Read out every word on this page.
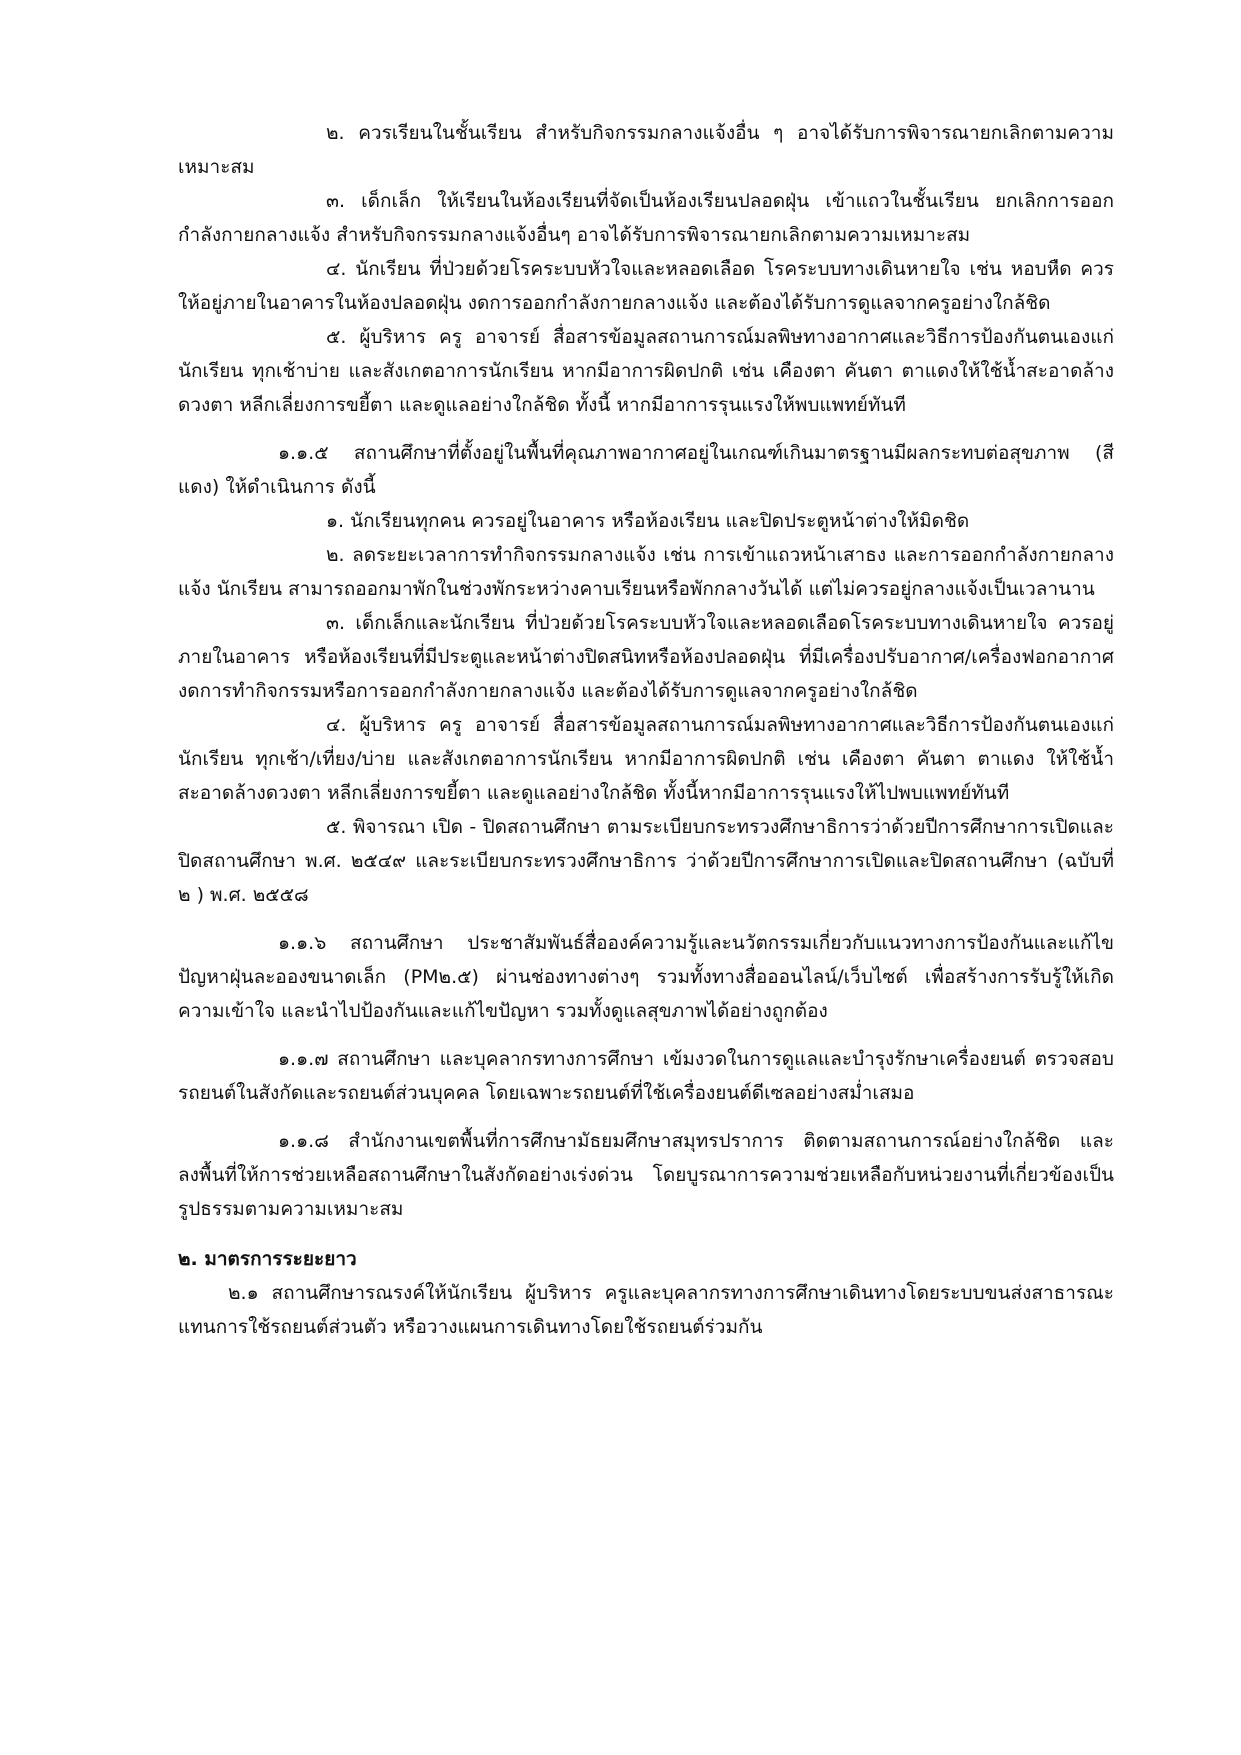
๒. ควรเรียนในชั้นเรียน สำหรับกิจกรรมกลางแจ้งอื่น ๆ อาจได้รับการพิจารณายกเลิกตามความเหมาะสม

๓. เด็กเล็ก ให้เรียนในห้องเรียนที่จัดเป็นห้องเรียนปลอดฝุ่น เข้าแถวในชั้นเรียน ยกเลิกการออกกำลังกายกลางแจ้ง สำหรับกิจกรรมกลางแจ้งอื่นๆ อาจได้รับการพิจารณายกเลิกตามความเหมาะสม

๔. นักเรียน ที่ป่วยด้วยโรคระบบหัวใจและหลอดเลือด โรคระบบทางเดินหายใจ เช่น หอบหืด ควรให้อยู่ภายในอาคารในห้องปลอดฝุ่น งดการออกกำลังกายกลางแจ้ง และต้องได้รับการดูแลจากครูอย่างใกล้ชิด

๕. ผู้บริหาร ครู อาจารย์ สื่อสารข้อมูลสถานการณ์มลพิษทางอากาศและวิธีการป้องกันตนเองแก่นักเรียน ทุกเช้าบ่าย และสังเกตอาการนักเรียน หากมีอาการผิดปกติ เช่น เคืองตา คันตา ตาแดงให้ใช้น้ำสะอาดล้างดวงตา หลีกเลี่ยงการขยี้ตา และดูแลอย่างใกล้ชิด ทั้งนี้ หากมีอาการรุนแรงให้พบแพทย์ทันที

๑.๑.๕ สถานศึกษาที่ตั้งอยู่ในพื้นที่คุณภาพอากาศอยู่ในเกณฑ์เกินมาตรฐานมีผลกระทบต่อสุขภาพ (สีแดง) ให้ดำเนินการ ดังนี้

๑. นักเรียนทุกคน ควรอยู่ในอาคาร หรือห้องเรียน และปิดประตูหน้าต่างให้มิดชิด

๒. ลดระยะเวลาการทำกิจกรรมกลางแจ้ง เช่น การเข้าแถวหน้าเสาธง และการออกกำลังกายกลางแจ้ง นักเรียน สามารถออกมาพักในช่วงพักระหว่างคาบเรียนหรือพักกลางวันได้ แต่ไม่ควรอยู่กลางแจ้งเป็นเวลานาน

๓. เด็กเล็กและนักเรียน ที่ป่วยด้วยโรคระบบหัวใจและหลอดเลือดโรคระบบทางเดินหายใจ ควรอยู่ภายในอาคาร หรือห้องเรียนที่มีประตูและหน้าต่างปิดสนิทหรือห้องปลอดฝุ่น ที่มีเครื่องปรับอากาศ/เครื่องฟอกอากาศ งดการทำกิจกรรมหรือการออกกำลังกายกลางแจ้ง และต้องได้รับการดูแลจากครูอย่างใกล้ชิด

๔. ผู้บริหาร ครู อาจารย์ สื่อสารข้อมูลสถานการณ์มลพิษทางอากาศและวิธีการป้องกันตนเองแก่นักเรียน ทุกเช้า/เที่ยง/บ่าย และสังเกตอาการนักเรียน หากมีอาการผิดปกติ เช่น เคืองตา คันตา ตาแดง ให้ใช้น้ำสะอาดล้างดวงตา หลีกเลี่ยงการขยี้ตา และดูแลอย่างใกล้ชิด ทั้งนี้หากมีอาการรุนแรงให้ไปพบแพทย์ทันที

๕. พิจารณา เปิด - ปิดสถานศึกษา ตามระเบียบกระทรวงศึกษาธิการว่าด้วยปีการศึกษาการเปิดและปิดสถานศึกษา พ.ศ. ๒๕๔๙ และระเบียบกระทรวงศึกษาธิการ ว่าด้วยปีการศึกษาการเปิดและปิดสถานศึกษา (ฉบับที่ ๒ ) พ.ศ. ๒๕๕๘

๑.๑.๖ สถานศึกษา ประชาสัมพันธ์สื่อองค์ความรู้และนวัตกรรมเกี่ยวกับแนวทางการป้องกันและแก้ไขปัญหาฝุ่นละอองขนาดเล็ก (PM๒.๕) ผ่านช่องทางต่างๆ รวมทั้งทางสื่อออนไลน์/เว็บไซต์ เพื่อสร้างการรับรู้ให้เกิดความเข้าใจ และนำไปป้องกันและแก้ไขปัญหา รวมทั้งดูแลสุขภาพได้อย่างถูกต้อง

๑.๑.๗ สถานศึกษา และบุคลากรทางการศึกษา เข้มงวดในการดูแลและบำรุงรักษาเครื่องยนต์ ตรวจสอบ รถยนต์ในสังกัดและรถยนต์ส่วนบุคคล โดยเฉพาะรถยนต์ที่ใช้เครื่องยนต์ดีเซลอย่างสม่ำเสมอ

๑.๑.๘ สำนักงานเขตพื้นที่การศึกษามัธยมศึกษาสมุทรปราการ ติดตามสถานการณ์อย่างใกล้ชิด และลงพื้นที่ให้การช่วยเหลือสถานศึกษาในสังกัดอย่างเร่งด่วน โดยบูรณาการความช่วยเหลือกับหน่วยงานที่เกี่ยวข้องเป็นรูปธรรมตามความเหมาะสม

๒. มาตรการระยะยาว

๒.๑ สถานศึกษารณรงค์ให้นักเรียน ผู้บริหาร ครูและบุคลากรทางการศึกษาเดินทางโดยระบบขนส่งสาธารณะแทนการใช้รถยนต์ส่วนตัว หรือวางแผนการเดินทางโดยใช้รถยนต์ร่วมกัน
